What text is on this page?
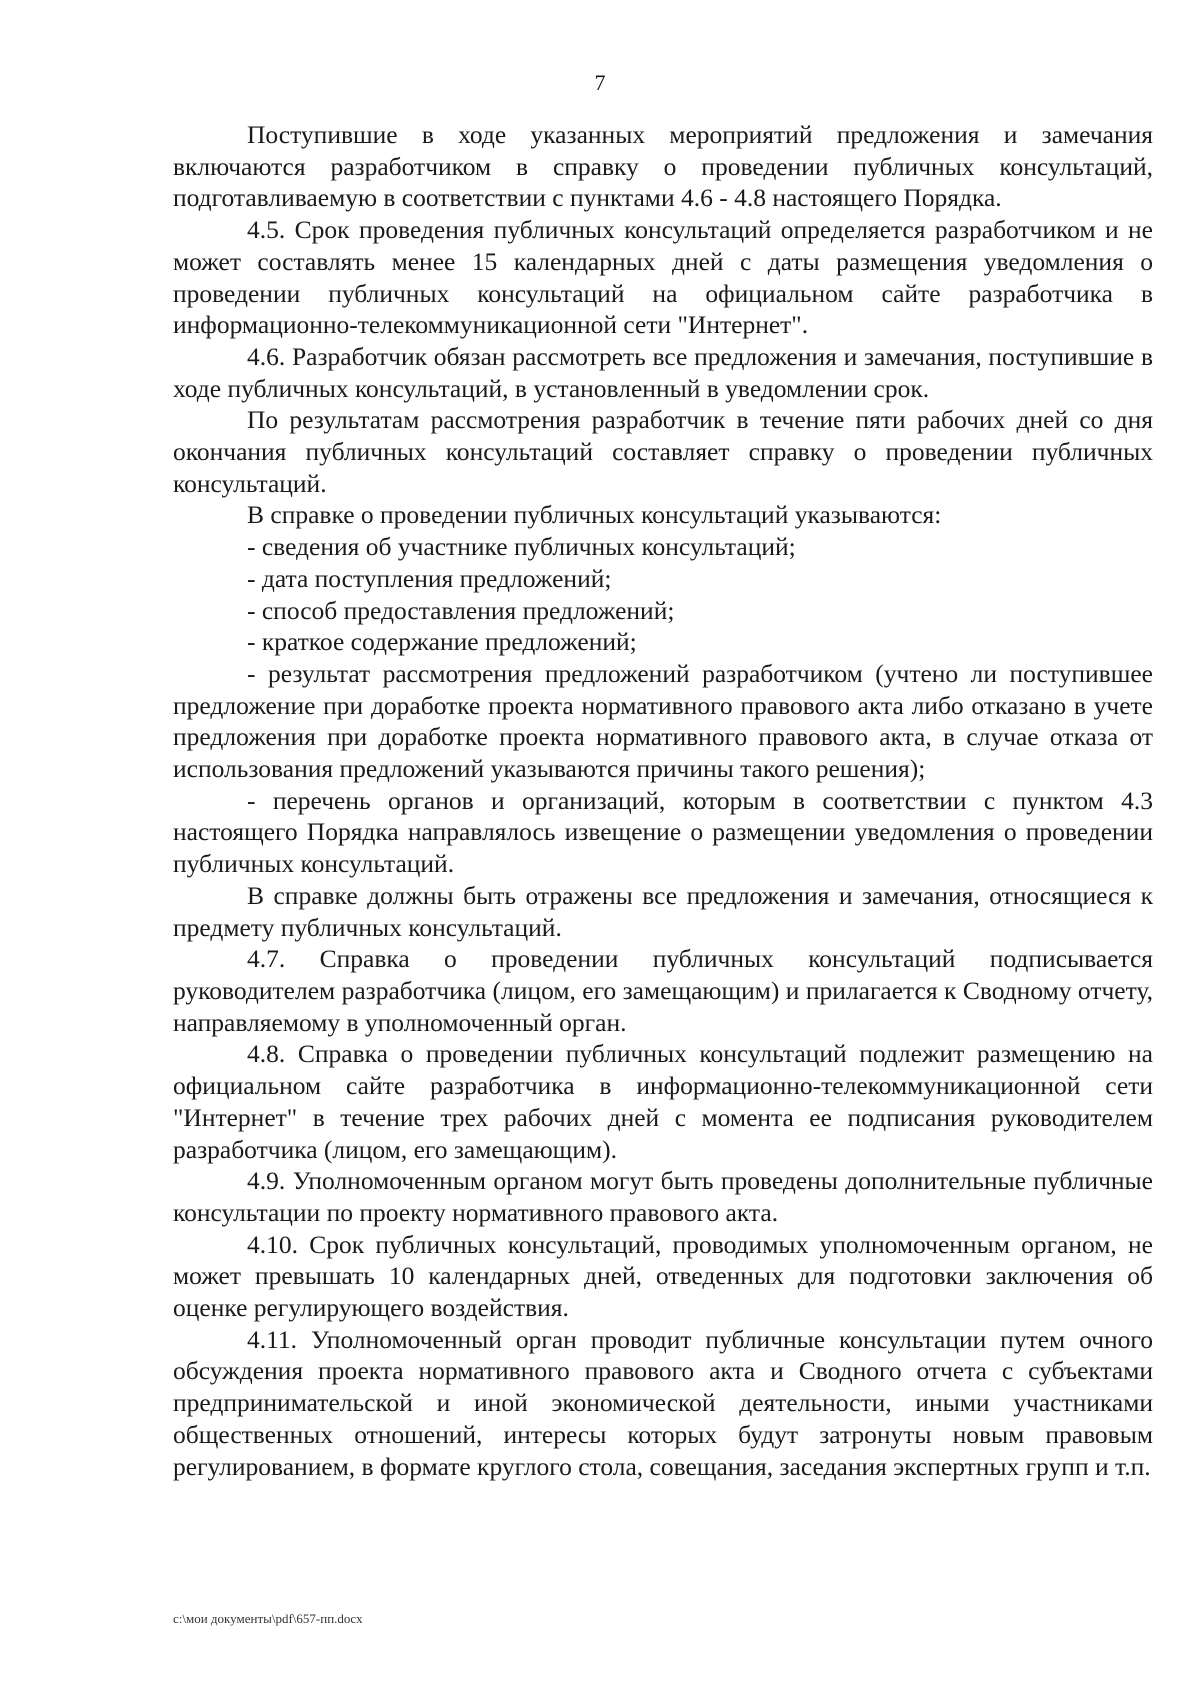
7

Поступившие в ходе указанных мероприятий предложения и замечания включаются разработчиком в справку о проведении публичных консультаций, подготавливаемую в соответствии с пунктами 4.6 - 4.8 настоящего Порядка.

4.5. Срок проведения публичных консультаций определяется разработчиком и не может составлять менее 15 календарных дней с даты размещения уведомления о проведении публичных консультаций на официальном сайте разработчика в информационно-телекоммуникационной сети "Интернет".

4.6. Разработчик обязан рассмотреть все предложения и замечания, поступившие в ходе публичных консультаций, в установленный в уведомлении срок.

По результатам рассмотрения разработчик в течение пяти рабочих дней со дня окончания публичных консультаций составляет справку о проведении публичных консультаций.

В справке о проведении публичных консультаций указываются:

- сведения об участнике публичных консультаций;

- дата поступления предложений;

- способ предоставления предложений;

- краткое содержание предложений;

- результат рассмотрения предложений разработчиком (учтено ли поступившее предложение при доработке проекта нормативного правового акта либо отказано в учете предложения при доработке проекта нормативного правового акта, в случае отказа от использования предложений указываются причины такого решения);

- перечень органов и организаций, которым в соответствии с пунктом 4.3 настоящего Порядка направлялось извещение о размещении уведомления о проведении публичных консультаций.

В справке должны быть отражены все предложения и замечания, относящиеся к предмету публичных консультаций.

4.7. Справка о проведении публичных консультаций подписывается руководителем разработчика (лицом, его замещающим) и прилагается к Сводному отчету, направляемому в уполномоченный орган.

4.8. Справка о проведении публичных консультаций подлежит размещению на официальном сайте разработчика в информационно-телекоммуникационной сети "Интернет" в течение трех рабочих дней с момента ее подписания руководителем разработчика (лицом, его замещающим).

4.9. Уполномоченным органом могут быть проведены дополнительные публичные консультации по проекту нормативного правового акта.

4.10. Срок публичных консультаций, проводимых уполномоченным органом, не может превышать 10 календарных дней, отведенных для подготовки заключения об оценке регулирующего воздействия.

4.11. Уполномоченный орган проводит публичные консультации путем очного обсуждения проекта нормативного правового акта и Сводного отчета с субъектами предпринимательской и иной экономической деятельности, иными участниками общественных отношений, интересы которых будут затронуты новым правовым регулированием, в формате круглого стола, совещания, заседания экспертных групп и т.п.

c:\мои документы\pdf\657-пп.docx
